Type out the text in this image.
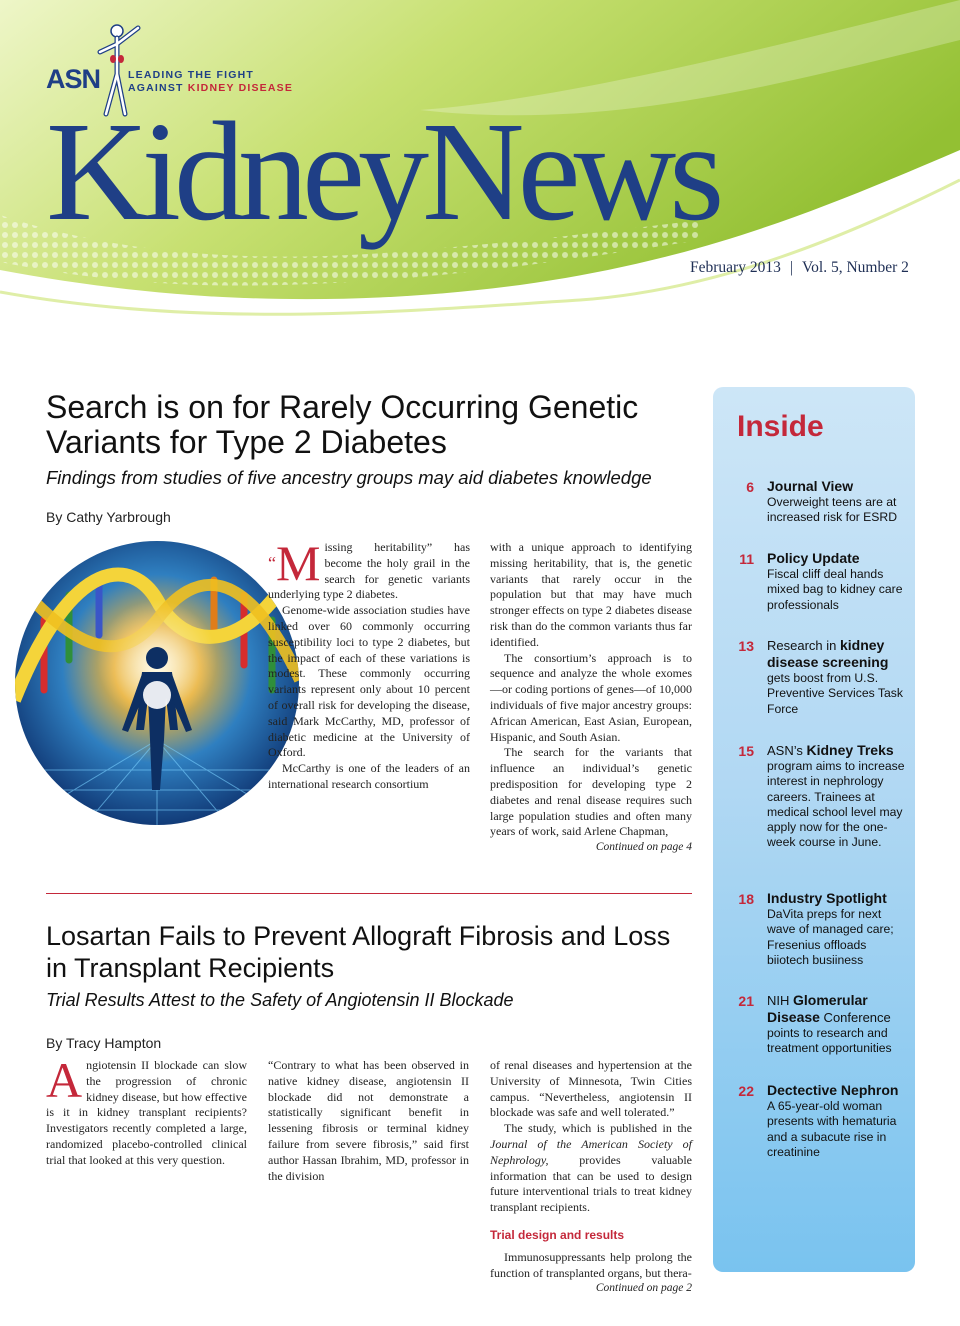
ASN	LEADING THE FIGHT
AGAINST KIDNEY DISEASE
KidneyNews
February 2013 | Vol. 5, Number 2
Search is on for Rarely Occurring Genetic Variants for Type 2 Diabetes
Findings from studies of five ancestry groups may aid diabetes knowledge
By Cathy Yarbrough

“M issing heritability” has become the holy grail in the search for genetic variants underlying type 2 diabetes.

Genome-wide association studies have linked over 60 commonly occurring susceptibility loci to type 2 diabetes, but the impact of each of these variations is modest. These commonly occurring variants represent only about 10 percent of overall risk for developing the disease, said Mark McCarthy, MD, professor of diabetic medicine at the University of Oxford.

McCarthy is one of the leaders of an international research consortium

with a unique approach to identifying missing heritability, that is, the genetic variants that rarely occur in the population but that may have much stronger effects on type 2 diabetes disease risk than do the common variants thus far identified.

The consortium’s approach is to sequence and analyze the whole exomes—or coding portions of genes—of 10,000 individuals of five major ancestry groups: African American, East Asian, European, Hispanic, and South Asian.

The search for the variants that influence an individual’s genetic predisposition for developing type 2 diabetes and renal disease requires such large population studies and often many years of work, said Arlene Chapman,

Continued on page 4
Losartan Fails to Prevent Allograft Fibrosis and Loss in Transplant Recipients
Trial Results Attest to the Safety of Angiotensin II Blockade
By Tracy Hampton

Angiotensin II blockade can slow the progression of chronic kidney disease, but how effective is it in kidney transplant recipients? Investigators recently completed a large, randomized placebo-controlled clinical trial that looked at this very question.

“Contrary to what has been observed in native kidney disease, angiotensin II blockade did not demonstrate a statistically significant benefit in lessening fibrosis or terminal kidney failure from severe fibrosis,” said first author Hassan Ibrahim, MD, professor in the division

of renal diseases and hypertension at the University of Minnesota, Twin Cities campus. “Nevertheless, angiotensin II blockade was safe and well tolerated.”

The study, which is published in the Journal of the American Society of Nephrology, provides valuable information that can be used to design future interventional trials to treat kidney transplant recipients.

Trial design and results

Immunosuppressants help prolong the function of transplanted organs, but thera-

Continued on page 2
Inside
6 Journal View
Overweight teens are at increased risk for ESRD
11 Policy Update
Fiscal cliff deal hands mixed bag to kidney care professionals
13 Research in kidney disease screening
gets boost from U.S. Preventive Services Task Force
15 ASN’s Kidney Treks
program aims to increase interest in nephrology careers. Trainees at medical school level may apply now for the one-week course in June.
18 Industry Spotlight
DaVita preps for next wave of managed care; Fresenius offloads biiotech busiiness
21 NIH Glomerular Disease Conference
points to research and treatment opportunities
22 Dectective Nephron
A 65-year-old woman presents with hematuria and a subacute rise in creatinine
